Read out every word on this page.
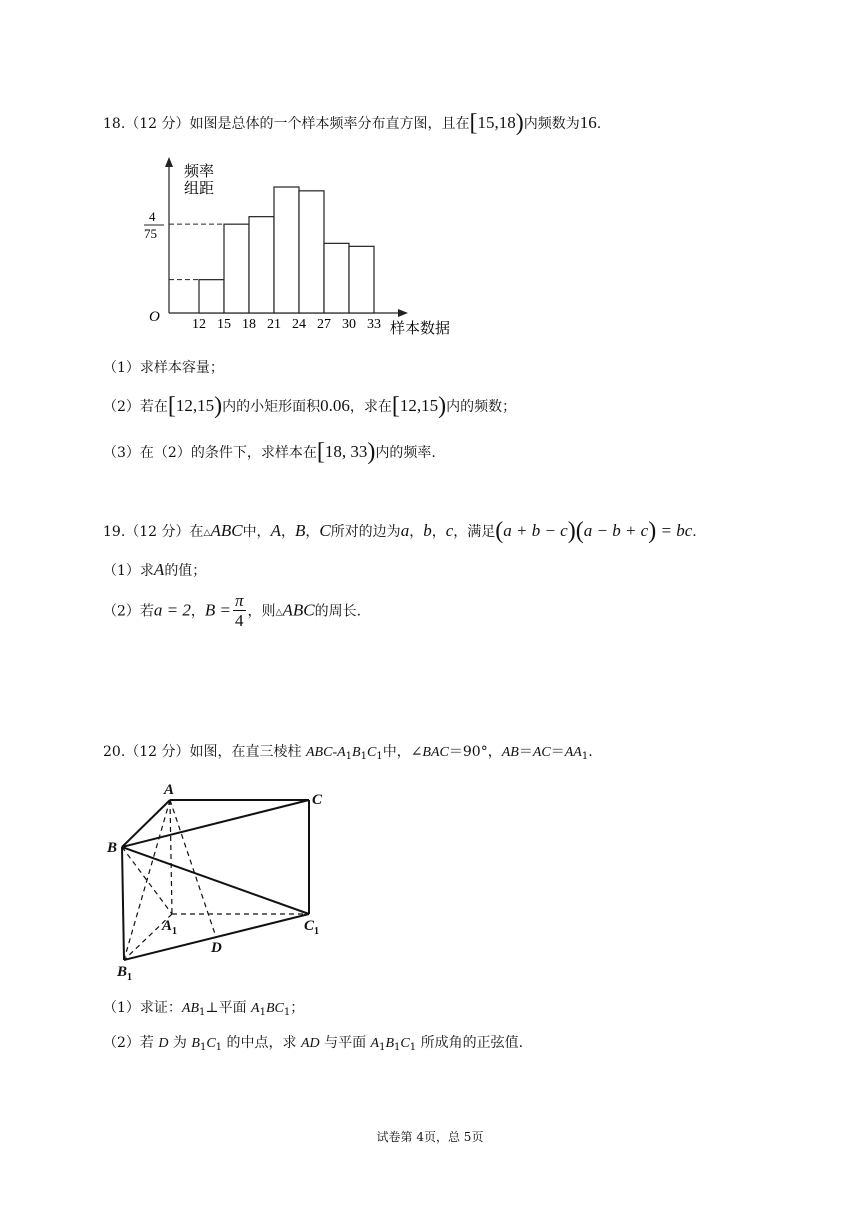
18.（12 分）如图是总体的一个样本频率分布直方图，且在[15,18)内频数为16.
频率
组距
4
75
O
样本数据
12 15 18 21 24 27 30 33
（1）求样本容量；
（2）若在[12,15)内的小矩形面积0.06，求在[12,15)内的频数；
（3）在（2）的条件下，求样本在[18, 33)内的频率.
19.（12 分）在△ABC中，A，B，C所对的边为a，b，c，满足(a + b − c)(a − b + c) = bc.
（1）求A的值；
（2）若a = 2，$B = \frac{\pi}{4}$ ，则△ABC的周长.
20.（12 分）如图，在直三棱柱 ABC-$A_1B_1C_1$中，∠BAC＝90°，$AB=AC=AA_1$.
A
C
B
$A_1$	$C_1$
D
$B_1$
（1）求证：$AB_1\perp$平面 $A_1BC_1$；
（2）若 D 为 $B_1C_1$ 的中点，求 AD 与平面 $A_1B_1C_1$ 所成角的正弦值.
试卷第 4页，总 5页
